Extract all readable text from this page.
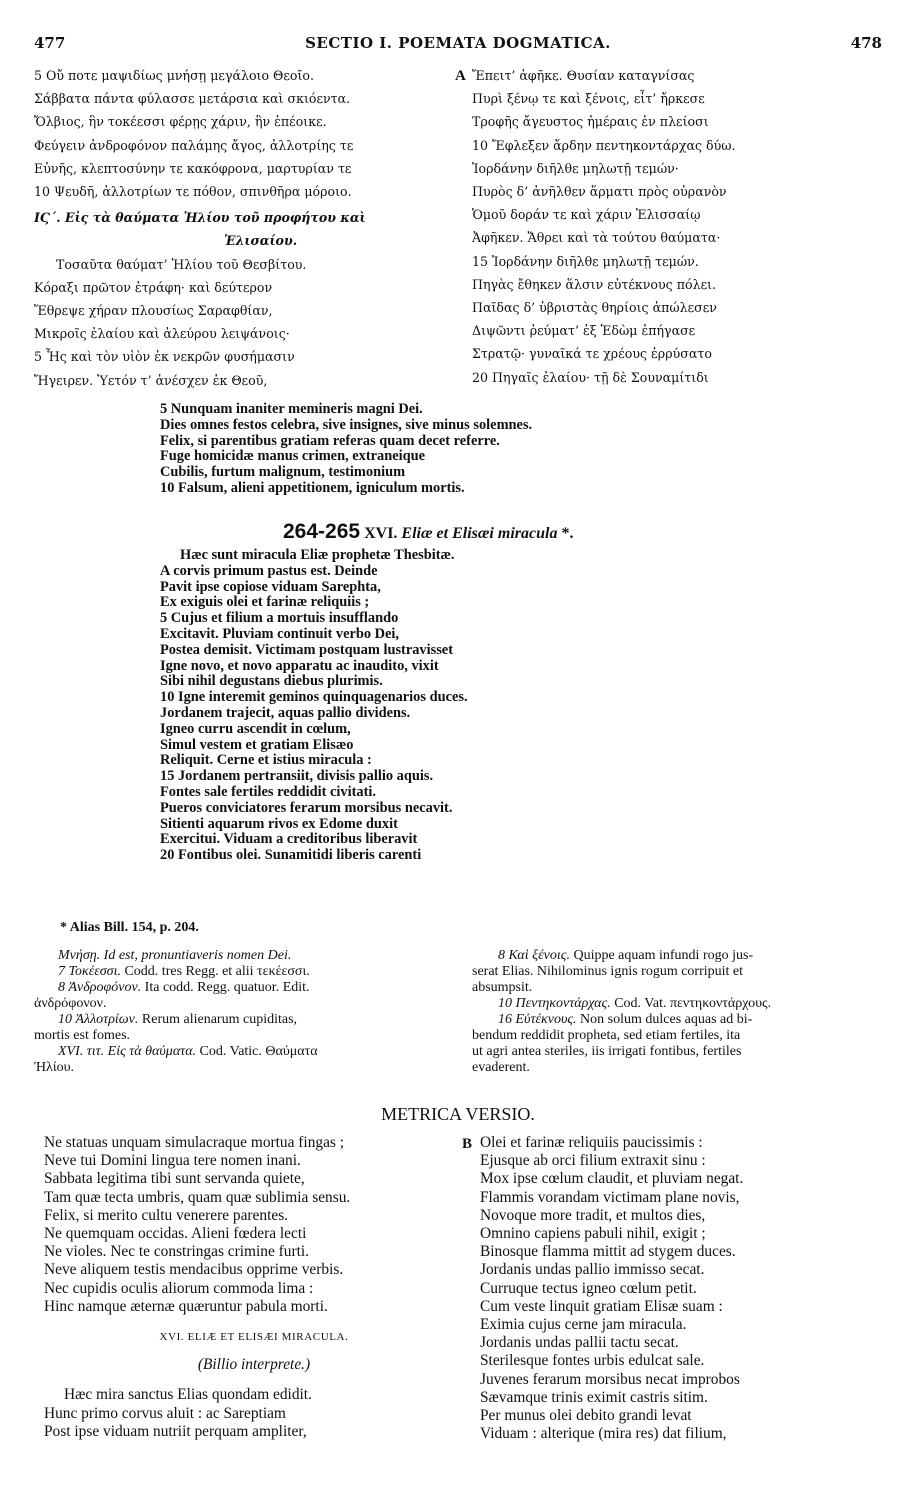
477	SECTIO I. POEMATA DOGMATICA.	478
5 Οὔ ποτε μαψιδίως μνήσῃ μεγάλοιο Θεοῖο.
Σάββατα πάντα φύλασσε μετάρσια καὶ σκιόεντα.
Ὄλβιος, ἣν τοκέεσσι φέρῃς χάριν, ἣν ἐπέοικε.
Φεύγειν ἀνδροφόνον παλάμης ἄγος, ἀλλοτρίης τε
Εὐνῆς, κλεπτοσύνην τε κακόφρονα, μαρτυρίαν τε
10 Ψευδῆ, ἀλλοτρίων τε πόθον, σπινθῆρα μόροιο.
ΙϚ΄. Εἰς τὰ θαύματα Ἠλίου τοῦ προφήτου καὶ
Ἐλισαίου.
Τοσαῦτα θαύματ’ Ἠλίου τοῦ Θεσβίτου.
Κόραξι πρῶτον ἐτράφη· καὶ δεύτερον
Ἔθρεψε χήραν πλουσίως Σαραφθίαν,
Μικροῖς ἐλαίου καὶ ἀλεύρου λειψάνοις·
5 Ἧς καὶ τὸν υἱὸν ἐκ νεκρῶν φυσήμασιν
Ἤγειρεν. Ὑετόν τ’ ἀνέσχεν ἐκ Θεοῦ,
A Ἔπειτ’ ἀφῆκε. Θυσίαν καταγνίσας
Πυρὶ ξένῳ τε καὶ ξένοις, εἶτ’ ἤρκεσε
Τροφῆς ἄγευστος ἡμέραις ἐν πλείοσι
10 Ἔφλεξεν ἄρδην πεντηκοντάρχας δύω.
Ἰορδάνην διῆλθε μηλωτῇ τεμών·
Πυρὸς δ’ ἀνῆλθεν ἅρματι πρὸς οὐρανὸν
Ὁμοῦ δοράν τε καὶ χάριν Ἐλισσαίῳ
Ἀφῆκεν. Ἄθρει καὶ τὰ τούτου θαύματα·
15 Ἰορδάνην διῆλθε μηλωτῇ τεμών.
Πηγὰς ἔθηκεν ἅλσιν εὐτέκνους πόλει.
Παῖδας δ’ ὑβριστὰς θηρίοις ἀπώλεσεν
Διψῶντι ῥεύματ’ ἐξ Ἐδὼμ ἐπήγασε
Στρατῷ· γυναῖκά τε χρέους ἐρρύσατο
20 Πηγαῖς ἐλαίου· τῇ δὲ Σουναμίτιδι
5 Nunquam inaniter memineris magni Dei.
Dies omnes festos celebra, sive insignes, sive minus solemnes.
Felix, si parentibus gratiam referas quam decet referre.
Fuge homicidæ manus crimen, extraneique
Cubilis, furtum malignum, testimonium
10 Falsum, alieni appetitionem, igniculum mortis.
264-265 XVI. Eliæ et Elisæi miracula *.
Hæc sunt miracula Eliæ prophetæ Thesbitæ.
A corvis primum pastus est. Deinde
Pavit ipse copiose viduam Sarephta,
Ex exiguis olei et farinæ reliquiis ;
5 Cujus et filium a mortuis insufflando
Excitavit. Pluviam continuit verbo Dei,
Postea demisit. Victimam postquam lustravisset
Igne novo, et novo apparatu ac inaudito, vixit
Sibi nihil degustans diebus plurimis.
10 Igne interemit geminos quinquagenarios duces.
Jordanem trajecit, aquas pallio dividens.
Igneo curru ascendit in cœlum,
Simul vestem et gratiam Elisæo
Reliquit. Cerne et istius miracula :
15 Jordanem pertransiit, divisis pallio aquis.
Fontes sale fertiles reddidit civitati.
Pueros conviciatores ferarum morsibus necavit.
Sitienti aquarum rivos ex Edome duxit
Exercitui. Viduam a creditoribus liberavit
20 Fontibus olei. Sunamitidi liberis carenti
* Alias Bill. 154, p. 204.
Μνήσῃ. Id est, pronuntiaveris nomen Dei.
7 Τοκέεσσι. Codd. tres Regg. et alii τεκέεσσι.
8 Ἀνδροφόνον. Ita codd. Regg. quatuor. Edit.
ἀνδρόφονον.
10 Ἀλλοτρίων. Rerum alienarum cupiditas,
mortis est fomes.
XVI. τιτ. Εἰς τὰ θαύματα. Cod. Vatic. Θαύματα
Ἠλίου.
8 Καὶ ξένοις. Quippe aquam infundi rogo jus-
serat Elias. Nihilominus ignis rogum corripuit et
absumpsit.
10 Πεντηκοντάρχας. Cod. Vat. πεντηκοντάρχους.
16 Εὐτέκνους. Non solum dulces aquas ad bi-
bendum reddidit propheta, sed etiam fertiles, ita
ut agri antea steriles, iis irrigati fontibus, fertiles
evaderent.
METRICA VERSIO.
Ne statuas unquam simulacraque mortua fingas ;
Neve tui Domini lingua tere nomen inani.
Sabbata legitima tibi sunt servanda quiete,
Tam quæ tecta umbris, quam quæ sublimia sensu.
Felix, si merito cultu venerere parentes.
Ne quemquam occidas. Alieni fœdera lecti
Ne violes. Nec te constringas crimine furti.
Neve aliquem testis mendacibus opprime verbis.
Nec cupidis oculis aliorum commoda lima :
Hinc namque æternæ quæruntur pabula morti.
XVI. ELIÆ ET ELISÆI MIRACULA.
(Billio interprete.)
Hæc mira sanctus Elias quondam edidit.
Hunc primo corvus aluit : ac Sareptiam
Post ipse viduam nutriit perquam ampliter,
B Olei et farinæ reliquiis paucissimis :
Ejusque ab orci filium extraxit sinu :
Mox ipse cœlum claudit, et pluviam negat.
Flammis vorandam victimam plane novis,
Novoque more tradit, et multos dies,
Omnino capiens pabuli nihil, exigit ;
Binosque flamma mittit ad stygem duces.
Jordanis undas pallio immisso secat.
Curruque tectus igneo cœlum petit.
Cum veste linquit gratiam Elisæ suam :
Eximia cujus cerne jam miracula.
Jordanis undas pallii tactu secat.
Sterilesque fontes urbis edulcat sale.
Juvenes ferarum morsibus necat improbos
Sævamque trinis eximit castris sitim.
Per munus olei debito grandi levat
Viduam : alterique (mira res) dat filium,
